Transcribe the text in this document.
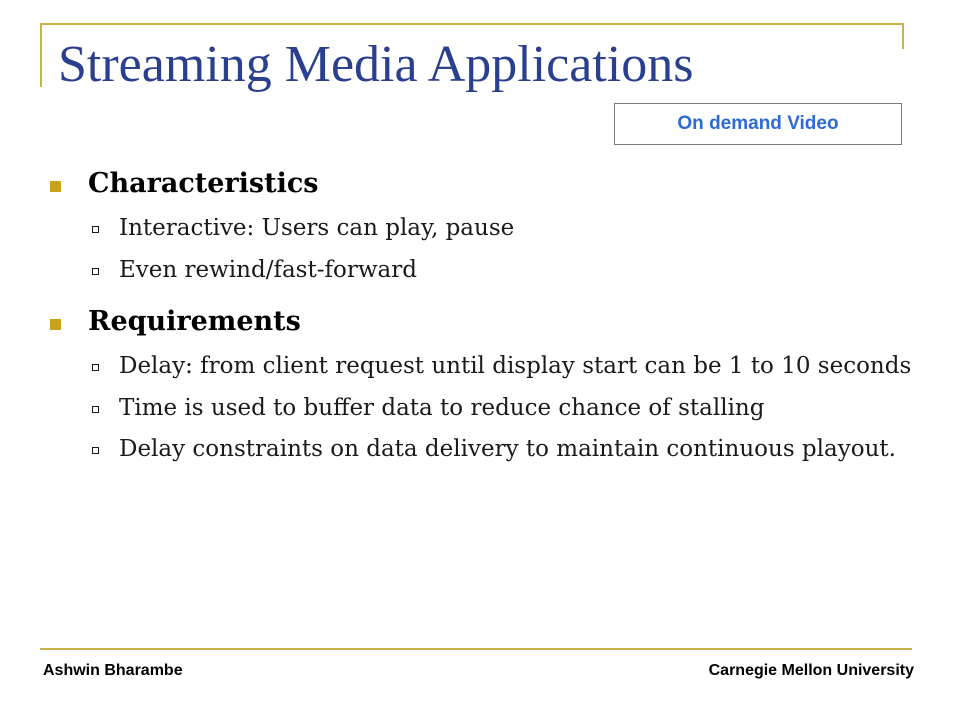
Streaming Media Applications
On demand Video
Characteristics
Interactive: Users can play, pause
Even rewind/fast-forward
Requirements
Delay: from client request until display start can be 1 to 10 seconds
Time is used to buffer data to reduce chance of stalling
Delay constraints on data delivery to maintain continuous playout.
Ashwin Bharambe	Carnegie Mellon University
